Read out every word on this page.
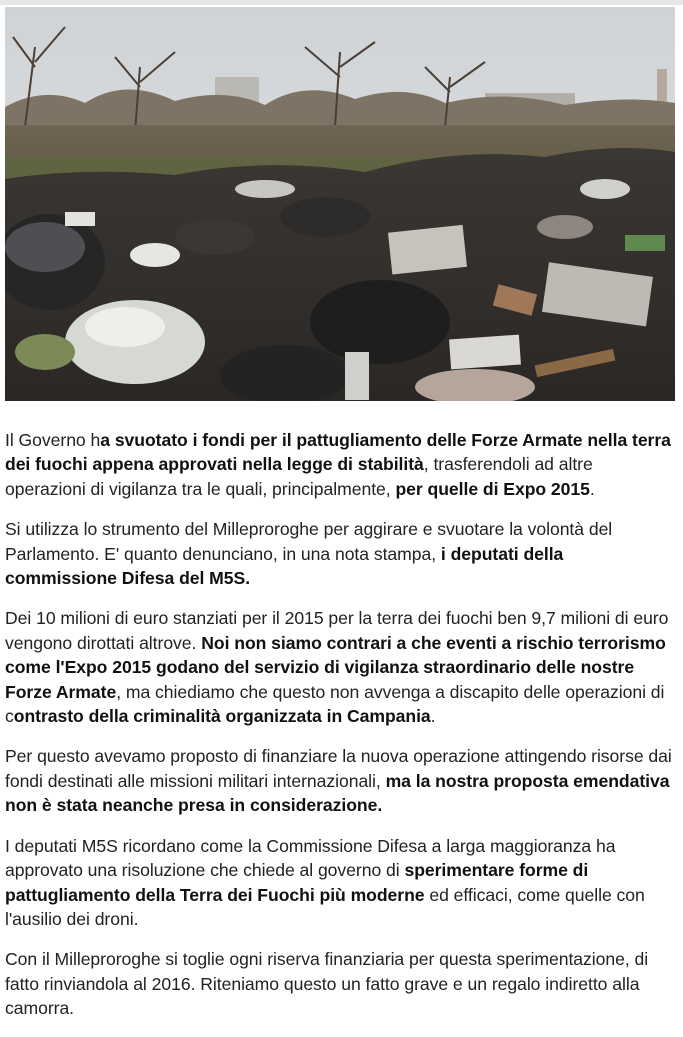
Il Governo ha svuotato i fondi per il pattugliamento delle Forze Armate nella terra dei fuochi appena approvati nella legge di stabilità, trasferendoli ad altre operazioni di vigilanza tra le quali, principalmente, per quelle di Expo 2015.

Si utilizza lo strumento del Milleproroghe per aggirare e svuotare la volontà del Parlamento. E' quanto denunciano, in una nota stampa, i deputati della commissione Difesa del M5S.

Dei 10 milioni di euro stanziati per il 2015 per la terra dei fuochi ben 9,7 milioni di euro vengono dirottati altrove. Noi non siamo contrari a che eventi a rischio terrorismo come l'Expo 2015 godano del servizio di vigilanza straordinario delle nostre Forze Armate, ma chiediamo che questo non avvenga a discapito delle operazioni di contrasto della criminalità organizzata in Campania.

Per questo avevamo proposto di finanziare la nuova operazione attingendo risorse dai fondi destinati alle missioni militari internazionali, ma la nostra proposta emendativa non è stata neanche presa in considerazione.

I deputati M5S ricordano come la Commissione Difesa a larga maggioranza ha approvato una risoluzione che chiede al governo di sperimentare forme di pattugliamento della Terra dei Fuochi più moderne ed efficaci, come quelle con l'ausilio dei droni.

Con il Milleproroghe si toglie ogni riserva finanziaria per questa sperimentazione, di fatto rinviandola al 2016. Riteniamo questo un fatto grave e un regalo indiretto alla camorra.
